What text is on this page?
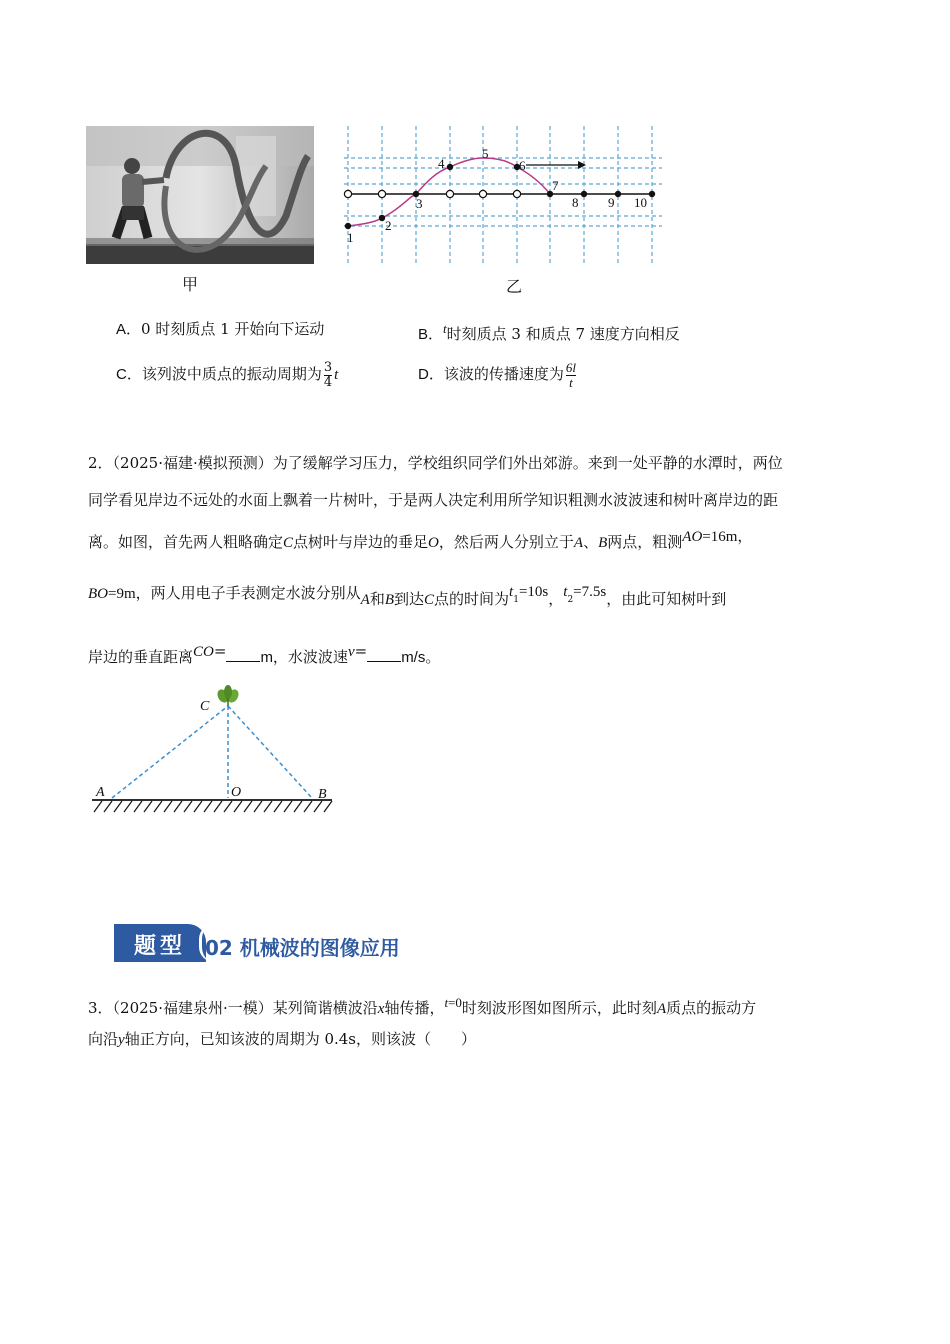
甲
1
2
3
4
5
6
7
8 9 10
乙
A．0 时刻质点 1 开始向下运动	B．t时刻质点 3 和质点 7 速度方向相反
C．该列波中质点的振动周期为 $\frac{3}{4}$ t	D．该波的传播速度为 $\frac{6l}{t}$
2．（2025·福建·模拟预测）为了缓解学习压力，学校组织同学们外出郊游。来到一处平静的水潭时，两位
同学看见岸边不远处的水面上飘着一片树叶，于是两人决定利用所学知识粗测水波波速和树叶离岸边的距
离。如图，首先两人粗略确定C点树叶与岸边的垂足O，然后两人分别立于A、B两点，粗测AO=16m，
BO=9m，两人用电子手表测定水波分别从A和B到达C点的时间为$t_1=10s$，$t_2=7.5s$，由此可知树叶到
岸边的垂直距离CO= m，水波波速v= m/s。
C
A	O	B
题型 02 机械波的图像应用
3．（2025·福建泉州·一模）某列简谐横波沿x轴传播，t=0时刻波形图如图所示，此时刻A质点的振动方
向沿y轴正方向，已知该波的周期为 0.4s，则该波（　　）
